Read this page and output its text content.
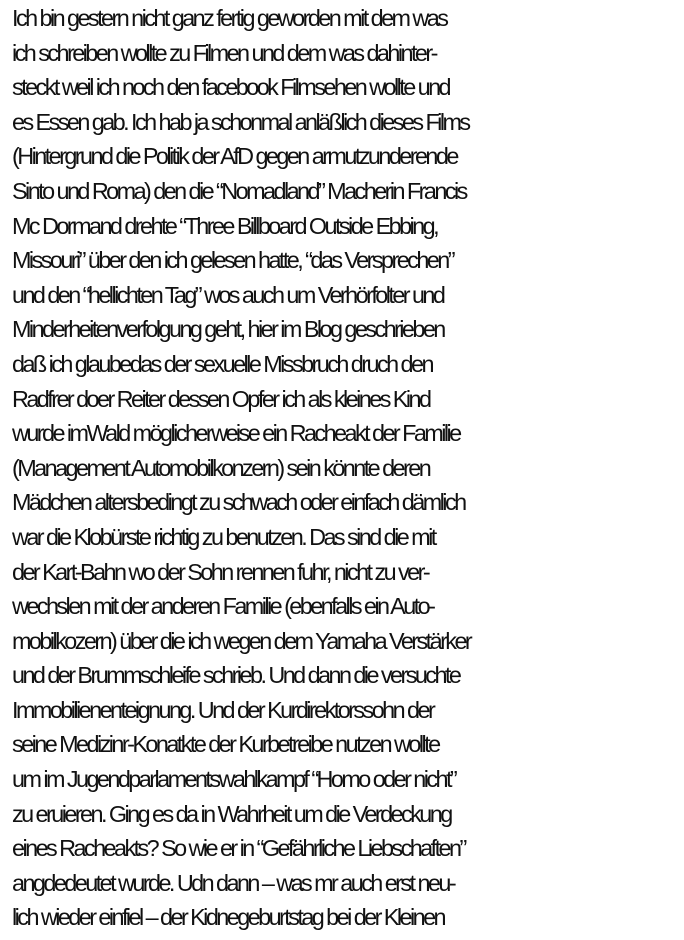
Ich bin gestern nicht ganz fertig geworden mit dem was
ich schreiben wollte zu Filmen und dem was dahinter-
steckt weil ich noch den facebook Filmsehen wollte und
es Essen gab. Ich hab ja schonmal anläßlich dieses Films
(Hintergrund die Politik der AfD gegen armutzunderende
Sinto und Roma) den die “Nomadland” Macherin Francis
Mc Dormand drehte “Three Billboard Outside Ebbing,
Missouri” über den ich gelesen hatte, “das Versprechen”
und den “hellichten Tag” wos auch um Verhörfolter und
Minderheitenverfolgung geht, hier im Blog geschrieben
daß ich glaubedas der sexuelle Missbruch druch den
Radfrer doer Reiter dessen Opfer ich als kleines Kind
wurde imWald möglicherweise ein Racheakt der Familie
(Management Automobilkonzern) sein könnte deren
Mädchen altersbedingt zu schwach oder einfach dämlich
war die Klobürste richtig zu benutzen. Das sind die mit
der Kart-Bahn wo der Sohn rennen fuhr, nicht zu ver-
wechslen mit der anderen Familie (ebenfalls ein Auto-
mobilkozern) über die ich wegen dem Yamaha Verstärker
und der Brummschleife schrieb. Und dann die versuchte
Immobilienenteignung. Und der Kurdirektorssohn der
seine Medizinr-Konatkte der Kurbetreibe nutzen wollte
um im Jugendparlamentswahlkampf “Homo oder nicht”
zu eruieren. Ging es da in Wahrheit um die Verdeckung
eines Racheakts? So wie er in “Gefährliche Liebschaften”
angdedeutet wurde. Udn dann – was mr auch erst neu-
lich wieder einfiel – der Kidnegeburtstag bei der Kleinen
